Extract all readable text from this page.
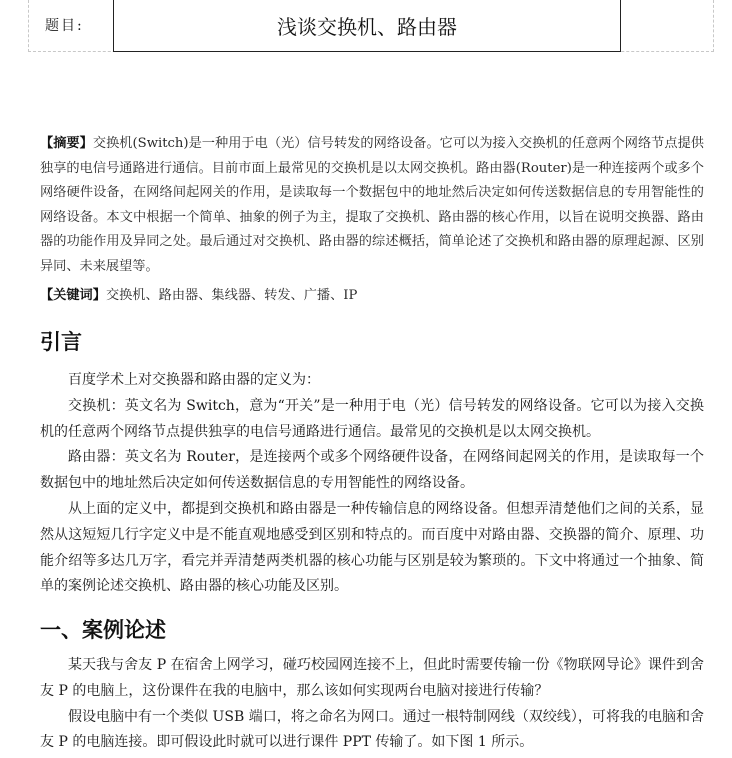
题目:	浅谈交换机、路由器
【摘要】交换机(Switch)是一种用于电（光）信号转发的网络设备。它可以为接入交换机的任意两个网络节点提供独享的电信号通路进行通信。目前市面上最常见的交换机是以太网交换机。路由器(Router)是一种连接两个或多个网络硬件设备，在网络间起网关的作用，是读取每一个数据包中的地址然后决定如何传送数据信息的专用智能性的网络设备。本文中根据一个简单、抽象的例子为主，提取了交换机、路由器的核心作用，以旨在说明交换器、路由器的功能作用及异同之处。最后通过对交换机、路由器的综述概括，简单论述了交换机和路由器的原理起源、区别异同、未来展望等。
【关键词】交换机、路由器、集线器、转发、广播、IP
引言

百度学术上对交换器和路由器的定义为：

交换机：英文名为 Switch，意为“开关”是一种用于电（光）信号转发的网络设备。它可以为接入交换机的任意两个网络节点提供独享的电信号通路进行通信。最常见的交换机是以太网交换机。

路由器：英文名为 Router，是连接两个或多个网络硬件设备，在网络间起网关的作用，是读取每一个数据包中的地址然后决定如何传送数据信息的专用智能性的网络设备。

从上面的定义中，都提到交换机和路由器是一种传输信息的网络设备。但想弄清楚他们之间的关系，显然从这短短几行字定义中是不能直观地感受到区别和特点的。而百度中对路由器、交换器的简介、原理、功能介绍等多达几万字，看完并弄清楚两类机器的核心功能与区别是较为繁琐的。下文中将通过一个抽象、简单的案例论述交换机、路由器的核心功能及区别。

一、案例论述

某天我与舍友 P 在宿舍上网学习，碰巧校园网连接不上，但此时需要传输一份《物联网导论》课件到舍友 P 的电脑上，这份课件在我的电脑中，那么该如何实现两台电脑对接进行传输？

假设电脑中有一个类似 USB 端口，将之命名为网口。通过一根特制网线（双绞线），可将我的电脑和舍友 P 的电脑连接。即可假设此时就可以进行课件 PPT 传输了。如下图 1 所示。
